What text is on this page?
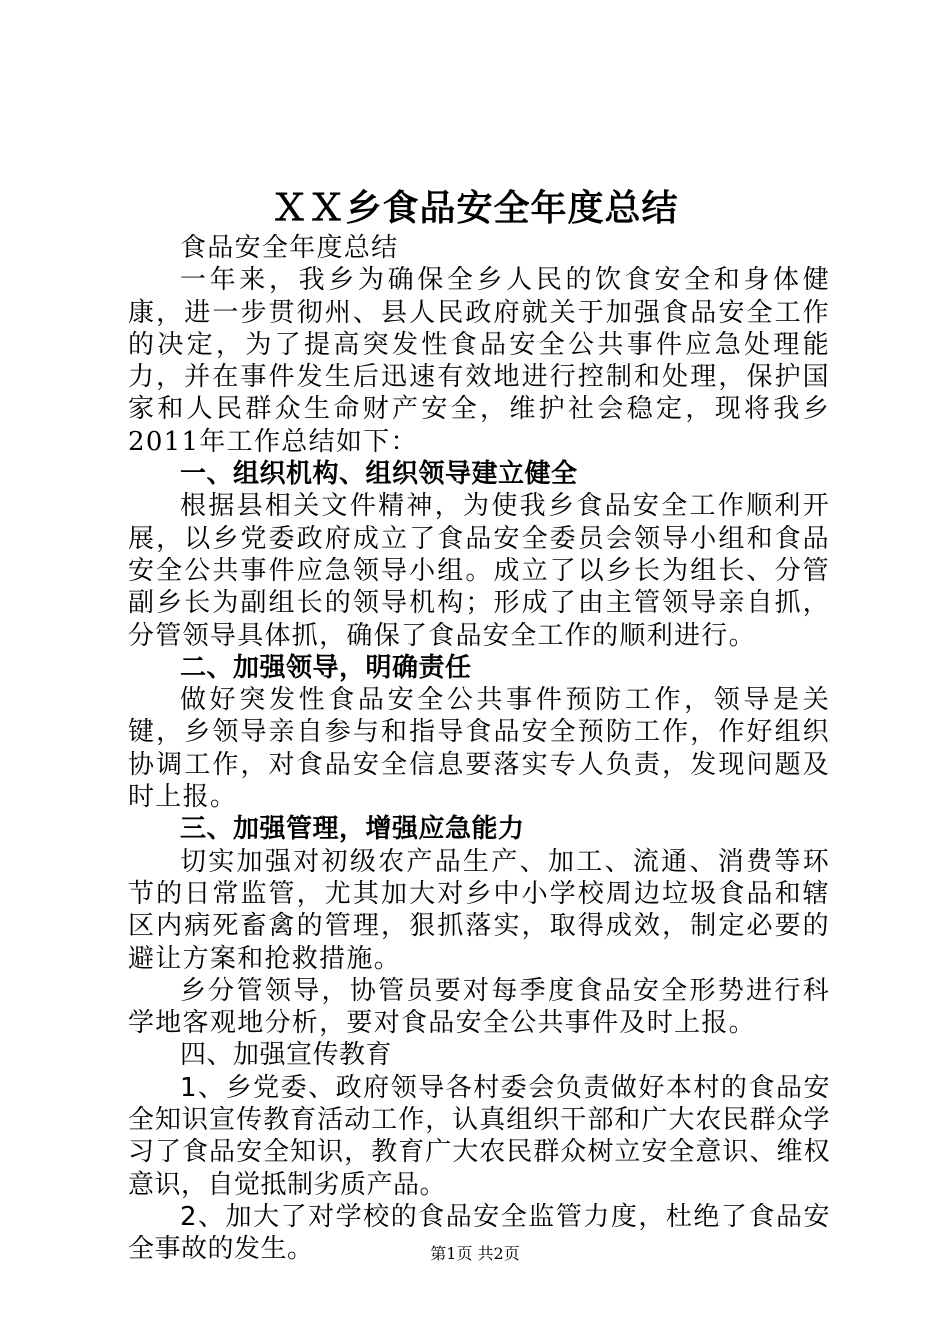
ＸＸ乡食品安全年度总结

食品安全年度总结

一年来，我乡为确保全乡人民的饮食安全和身体健康，进一步贯彻州、县人民政府就关于加强食品安全工作的决定，为了提高突发性食品安全公共事件应急处理能力，并在事件发生后迅速有效地进行控制和处理，保护国家和人民群众生命财产安全，维护社会稳定，现将我乡2011年工作总结如下：

一、组织机构、组织领导建立健全

根据县相关文件精神，为使我乡食品安全工作顺利开展，以乡党委政府成立了食品安全委员会领导小组和食品安全公共事件应急领导小组。成立了以乡长为组长、分管副乡长为副组长的领导机构；形成了由主管领导亲自抓，分管领导具体抓，确保了食品安全工作的顺利进行。

二、加强领导，明确责任

做好突发性食品安全公共事件预防工作，领导是关键，乡领导亲自参与和指导食品安全预防工作，作好组织协调工作，对食品安全信息要落实专人负责，发现问题及时上报。

三、加强管理，增强应急能力

切实加强对初级农产品生产、加工、流通、消费等环节的日常监管，尤其加大对乡中小学校周边垃圾食品和辖区内病死畜禽的管理，狠抓落实，取得成效，制定必要的避让方案和抢救措施。

乡分管领导，协管员要对每季度食品安全形势进行科学地客观地分析，要对食品安全公共事件及时上报。

四、加强宣传教育

1、乡党委、政府领导各村委会负责做好本村的食品安全知识宣传教育活动工作，认真组织干部和广大农民群众学习了食品安全知识，教育广大农民群众树立安全意识、维权意识，自觉抵制劣质产品。

2、加大了对学校的食品安全监管力度，杜绝了食品安全事故的发生。	第1页 共2页
